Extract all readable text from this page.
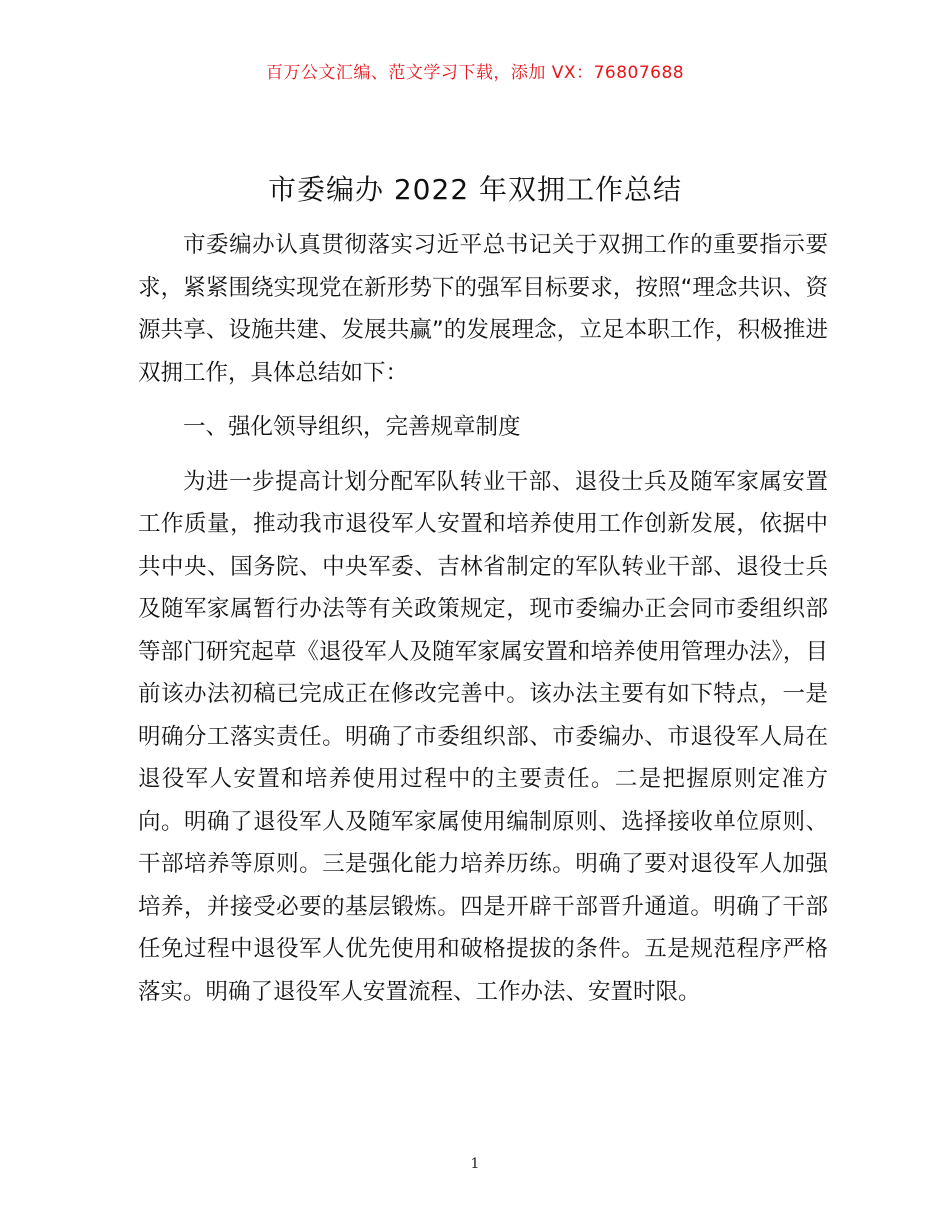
百万公文汇编、范文学习下载，添加 VX：76807688
市委编办 2022 年双拥工作总结

市委编办认真贯彻落实习近平总书记关于双拥工作的重要指示要求，紧紧围绕实现党在新形势下的强军目标要求，按照“理念共识、资源共享、设施共建、发展共赢”的发展理念，立足本职工作，积极推进双拥工作，具体总结如下：

一、强化领导组织，完善规章制度

为进一步提高计划分配军队转业干部、退役士兵及随军家属安置工作质量，推动我市退役军人安置和培养使用工作创新发展，依据中共中央、国务院、中央军委、吉林省制定的军队转业干部、退役士兵及随军家属暂行办法等有关政策规定，现市委编办正会同市委组织部等部门研究起草《退役军人及随军家属安置和培养使用管理办法》，目前该办法初稿已完成正在修改完善中。该办法主要有如下特点，一是明确分工落实责任。明确了市委组织部、市委编办、市退役军人局在退役军人安置和培养使用过程中的主要责任。二是把握原则定准方向。明确了退役军人及随军家属使用编制原则、选择接收单位原则、干部培养等原则。三是强化能力培养历练。明确了要对退役军人加强培养，并接受必要的基层锻炼。四是开辟干部晋升通道。明确了干部任免过程中退役军人优先使用和破格提拔的条件。五是规范程序严格落实。明确了退役军人安置流程、工作办法、安置时限。

1
